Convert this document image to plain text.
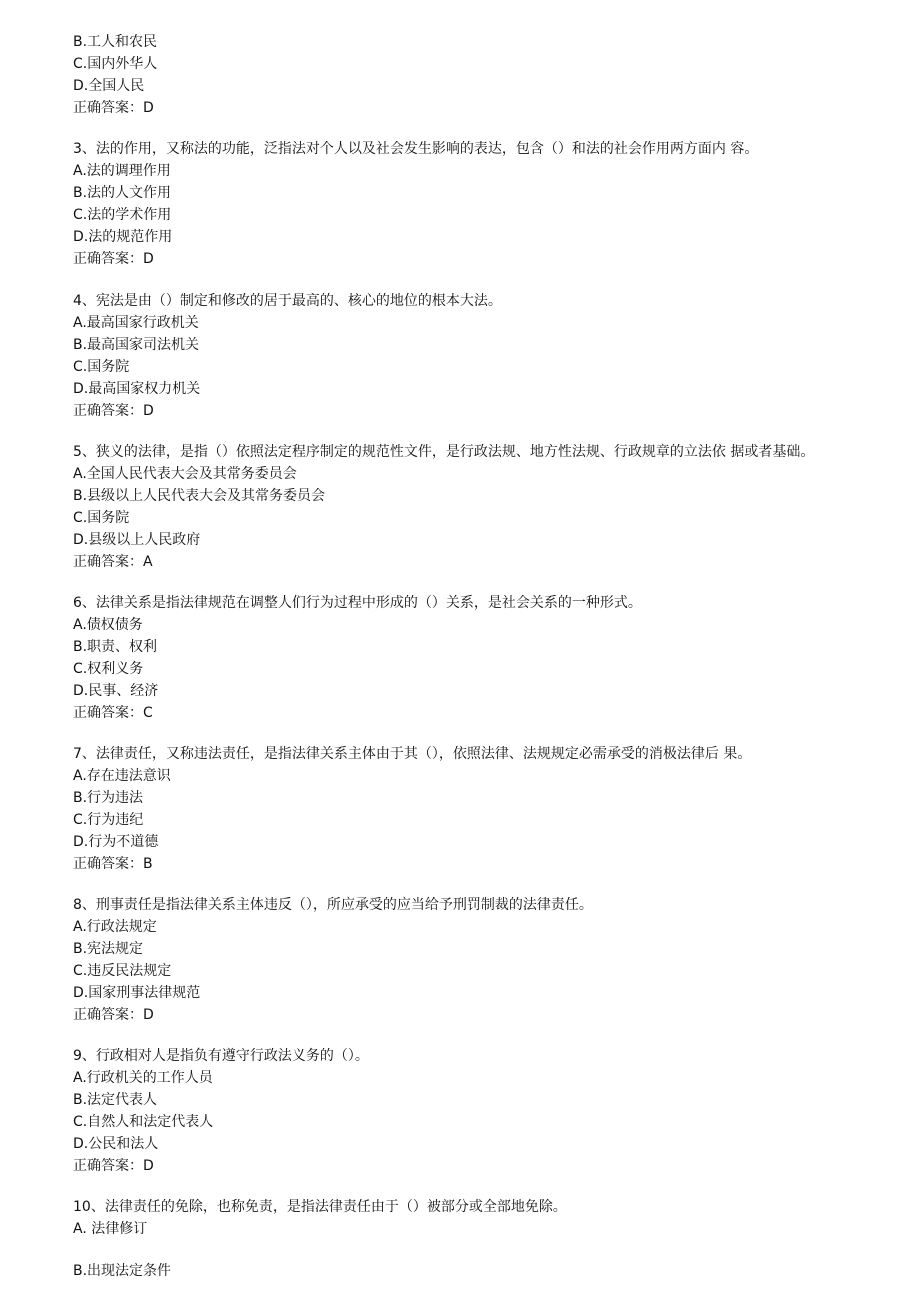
B.工人和农民
C.国内外华人
D.全国人民
正确答案：D
3、法的作用，又称法的功能，泛指法对个人以及社会发生影响的表达，包含（）和法的社会作用两方面内 容。
A.法的调理作用
B.法的人文作用
C.法的学术作用
D.法的规范作用
正确答案：D
4、宪法是由（）制定和修改的居于最高的、核心的地位的根本大法。
A.最高国家行政机关
B.最高国家司法机关
C.国务院
D.最高国家权力机关
正确答案：D
5、狭义的法律，是指（）依照法定程序制定的规范性文件，是行政法规、地方性法规、行政规章的立法依 据或者基础。
A.全国人民代表大会及其常务委员会
B.县级以上人民代表大会及其常务委员会
C.国务院
D.县级以上人民政府
正确答案：A
6、法律关系是指法律规范在调整人们行为过程中形成的（）关系，是社会关系的一种形式。
A.债权债务
B.职责、权利
C.权利义务
D.民事、经济
正确答案：C
7、法律责任，又称违法责任，是指法律关系主体由于其（），依照法律、法规规定必需承受的消极法律后 果。
A.存在违法意识
B.行为违法
C.行为违纪
D.行为不道德
正确答案：B
8、刑事责任是指法律关系主体违反（），所应承受的应当给予刑罚制裁的法律责任。
A.行政法规定
B.宪法规定
C.违反民法规定
D.国家刑事法律规范
正确答案：D
9、行政相对人是指负有遵守行政法义务的（）。
A.行政机关的工作人员
B.法定代表人
C.自然人和法定代表人
D.公民和法人
正确答案：D
10、法律责任的免除，也称免责，是指法律责任由于（）被部分或全部地免除。
A. 法律修订
B.出现法定条件
